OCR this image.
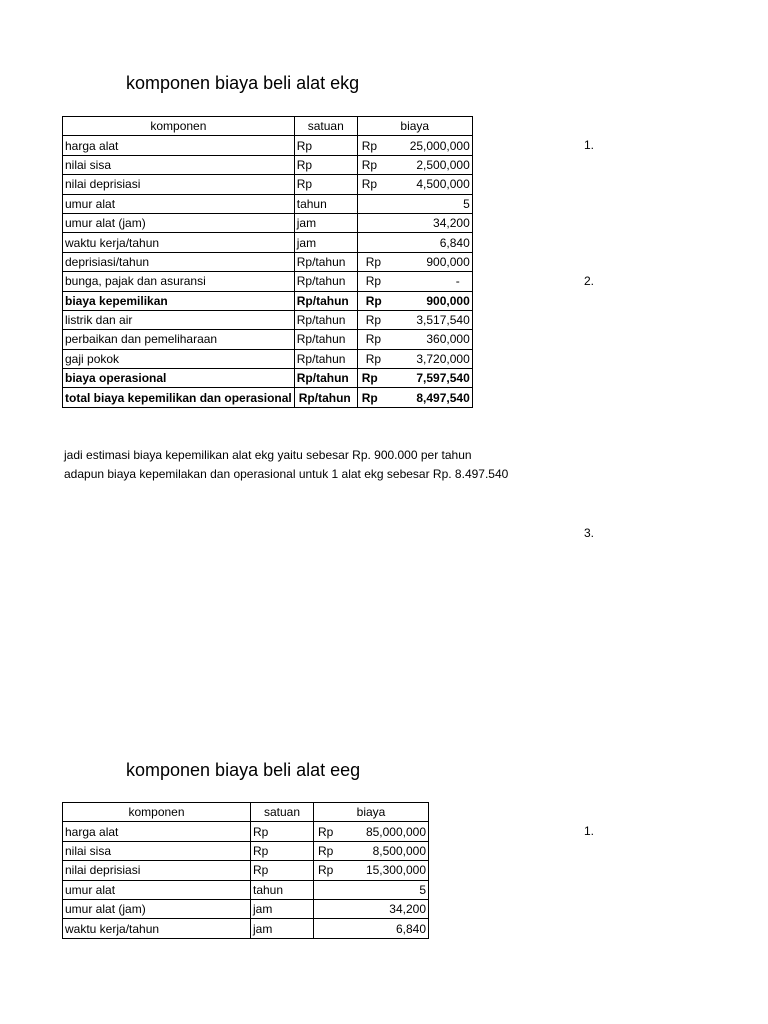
komponen biaya beli alat ekg
komponen	satuan	biaya
harga alat	Rp	Rp 25,000,000

nilai sisa	Rp	Rp 2,500,000

nilai deprisiasi	Rp	Rp 4,500,000

umur alat	tahun	5
umur alat (jam)	jam	34,200
waktu kerja/tahun	jam	6,840
deprisiasi/tahun	Rp/tahun	Rp 900,000

bunga, pajak dan asuransi	Rp/tahun	Rp -

biaya kepemilikan	Rp/tahun	Rp 900,000

listrik dan air	Rp/tahun	Rp 3,517,540

perbaikan dan pemeliharaan	Rp/tahun	Rp 360,000

gaji pokok	Rp/tahun	Rp 3,720,000

biaya operasional	Rp/tahun	Rp 7,597,540

total biaya kepemilikan dan operasional	Rp/tahun	Rp 8,497,540
jadi estimasi biaya kepemilikan alat ekg yaitu sebesar Rp. 900.000 per tahun
adapun biaya kepemilakan dan operasional untuk 1 alat ekg sebesar Rp. 8.497.540
1.
2.
3.
komponen biaya beli alat eeg
komponen	satuan	biaya
harga alat	Rp	Rp 85,000,000

nilai sisa	Rp	Rp 8,500,000

nilai deprisiasi	Rp	Rp 15,300,000

umur alat	tahun	5
umur alat (jam)	jam	34,200
waktu kerja/tahun	jam	6,840
1.
